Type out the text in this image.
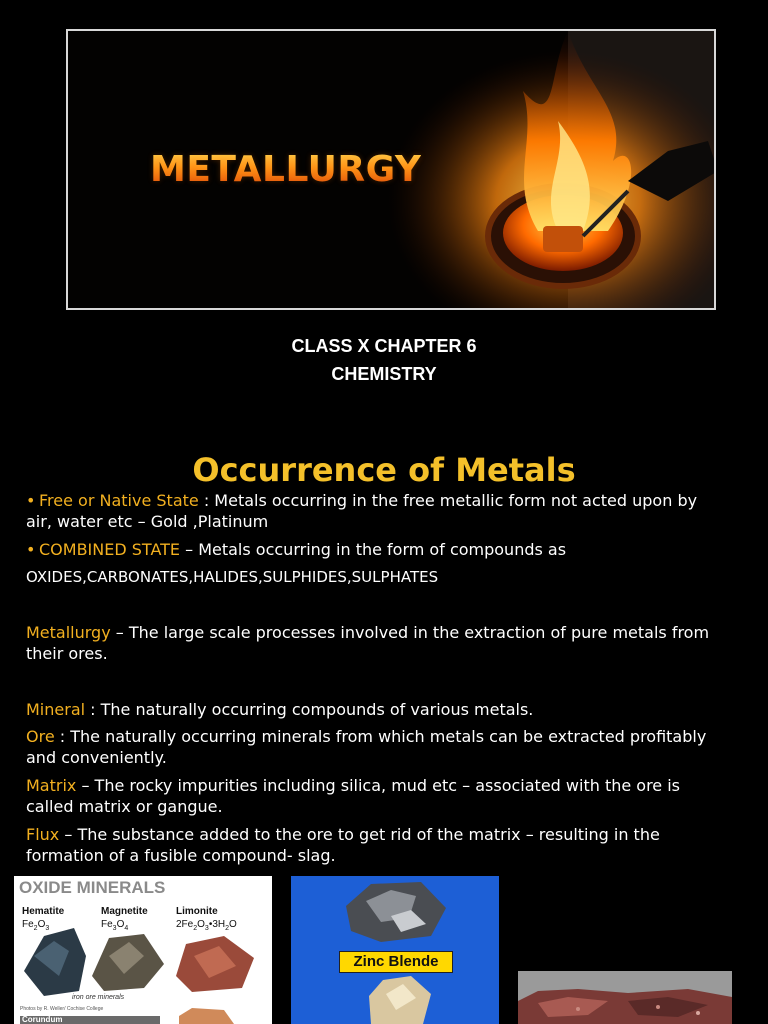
METALLURGY
CLASS X CHAPTER 6
CHEMISTRY
Occurrence of Metals
• Free or Native State : Metals occurring in the free metallic form not acted upon by air, water etc – Gold ,Platinum
• COMBINED STATE – Metals occurring in the form of compounds as
OXIDES,CARBONATES,HALIDES,SULPHIDES,SULPHATES
Metallurgy – The large scale processes involved in the extraction of pure metals from their ores.
Mineral : The naturally occurring compounds of various metals.
Ore : The naturally occurring minerals from which metals can be extracted profitably and conveniently.
Matrix – The rocky impurities including silica, mud etc – associated with the ore is called matrix or gangue.
Flux – The substance added to the ore to get rid of the matrix – resulting in the formation of a fusible compound- slag.
OXIDE MINERALS
Hematite
$Fe_2O_3$
Magnetite
$Fe_3O_4$
Limonite
$2Fe_2O_3•3H_2O$
iron ore minerals
Photos by R. Weller/ Cochise College
Corundum
Zinc Blende
